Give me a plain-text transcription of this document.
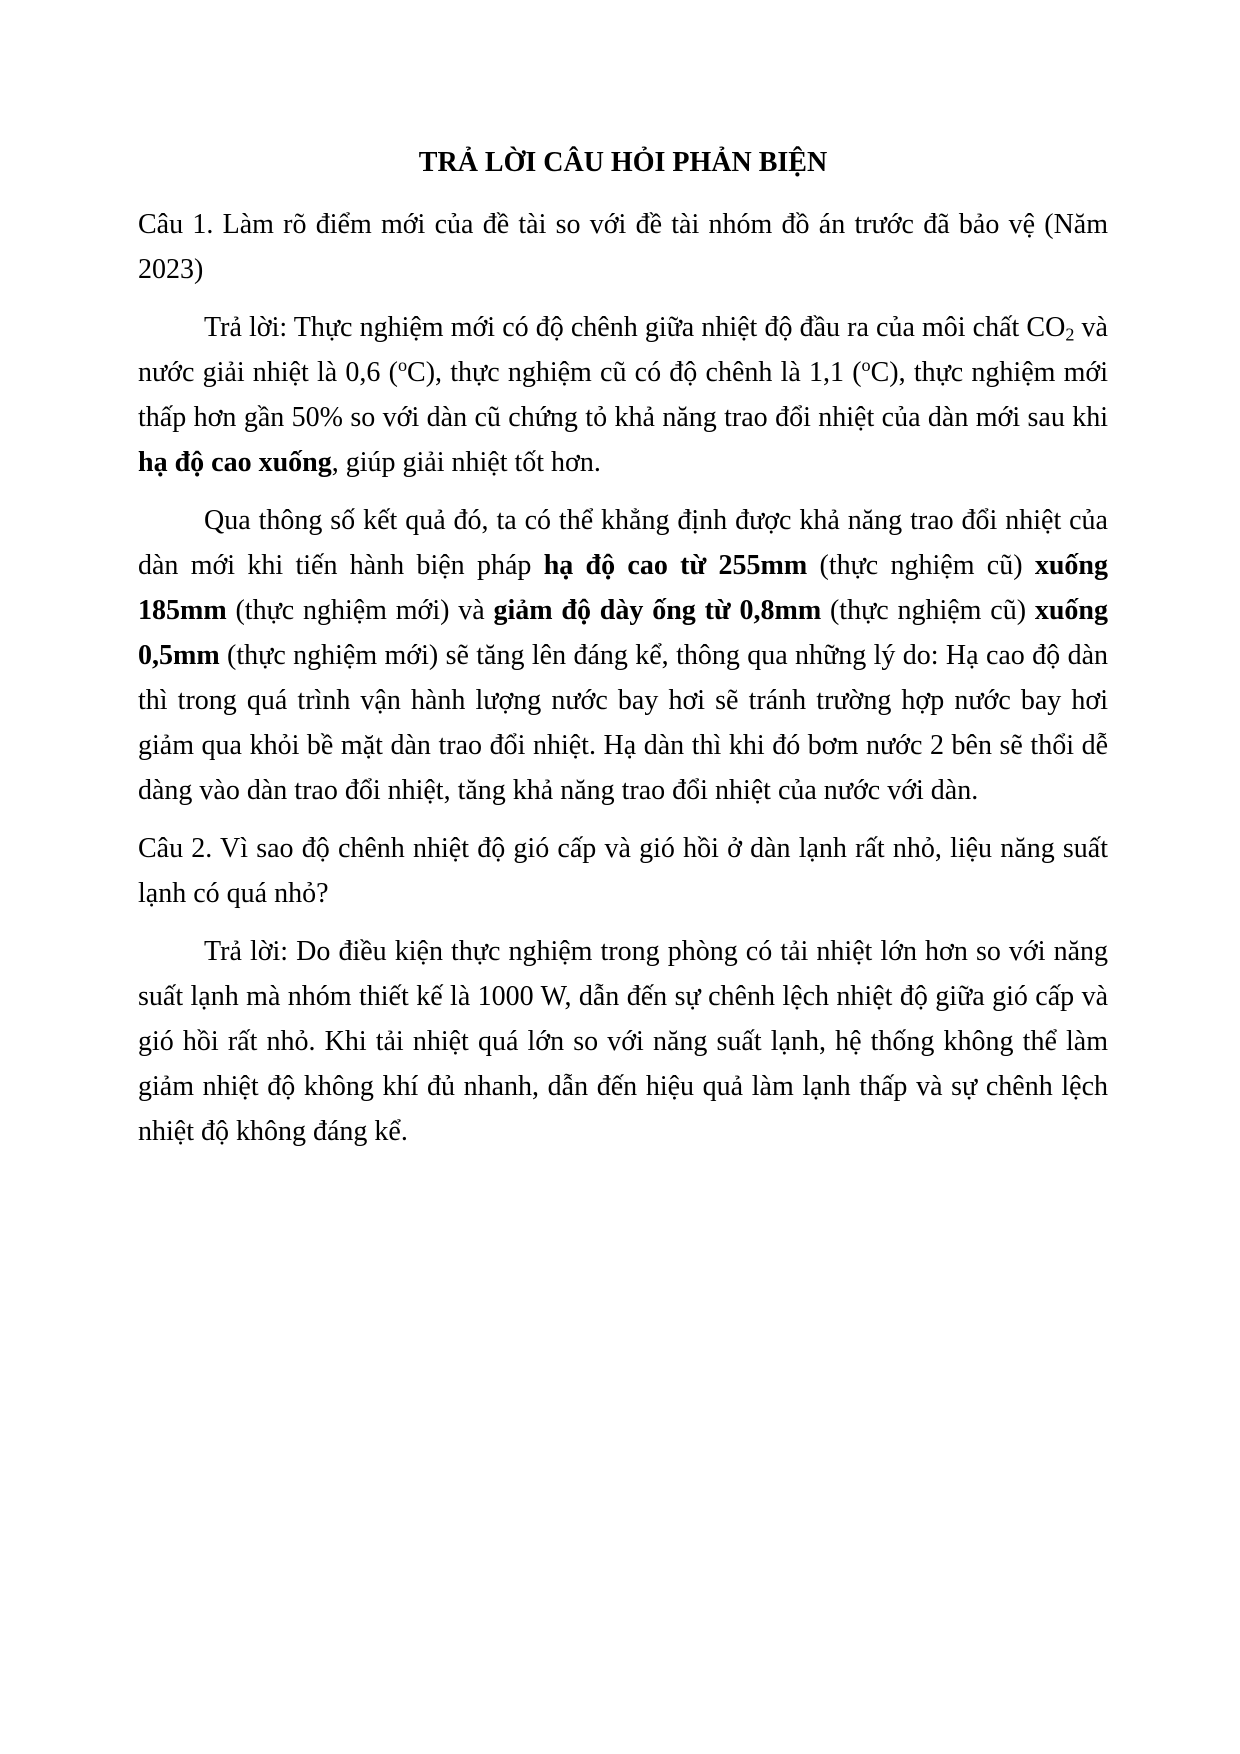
TRẢ LỜI CÂU HỎI PHẢN BIỆN

Câu 1. Làm rõ điểm mới của đề tài so với đề tài nhóm đồ án trước đã bảo vệ (Năm 2023)

Trả lời: Thực nghiệm mới có độ chênh giữa nhiệt độ đầu ra của môi chất $CO_2$ và nước giải nhiệt là 0,6 ($^o$C), thực nghiệm cũ có độ chênh là 1,1 ($^o$C), thực nghiệm mới thấp hơn gần 50% so với dàn cũ chứng tỏ khả năng trao đổi nhiệt của dàn mới sau khi hạ độ cao xuống, giúp giải nhiệt tốt hơn.

Qua thông số kết quả đó, ta có thể khẳng định được khả năng trao đổi nhiệt của dàn mới khi tiến hành biện pháp hạ độ cao từ 255mm (thực nghiệm cũ) xuống 185mm (thực nghiệm mới) và giảm độ dày ống từ 0,8mm (thực nghiệm cũ) xuống 0,5mm (thực nghiệm mới) sẽ tăng lên đáng kể, thông qua những lý do: Hạ cao độ dàn thì trong quá trình vận hành lượng nước bay hơi sẽ tránh trường hợp nước bay hơi giảm qua khỏi bề mặt dàn trao đổi nhiệt. Hạ dàn thì khi đó bơm nước 2 bên sẽ thổi dễ dàng vào dàn trao đổi nhiệt, tăng khả năng trao đổi nhiệt của nước với dàn.

Câu 2. Vì sao độ chênh nhiệt độ gió cấp và gió hồi ở dàn lạnh rất nhỏ, liệu năng suất lạnh có quá nhỏ?

Trả lời: Do điều kiện thực nghiệm trong phòng có tải nhiệt lớn hơn so với năng suất lạnh mà nhóm thiết kế là 1000 W, dẫn đến sự chênh lệch nhiệt độ giữa gió cấp và gió hồi rất nhỏ. Khi tải nhiệt quá lớn so với năng suất lạnh, hệ thống không thể làm giảm nhiệt độ không khí đủ nhanh, dẫn đến hiệu quả làm lạnh thấp và sự chênh lệch nhiệt độ không đáng kể.
